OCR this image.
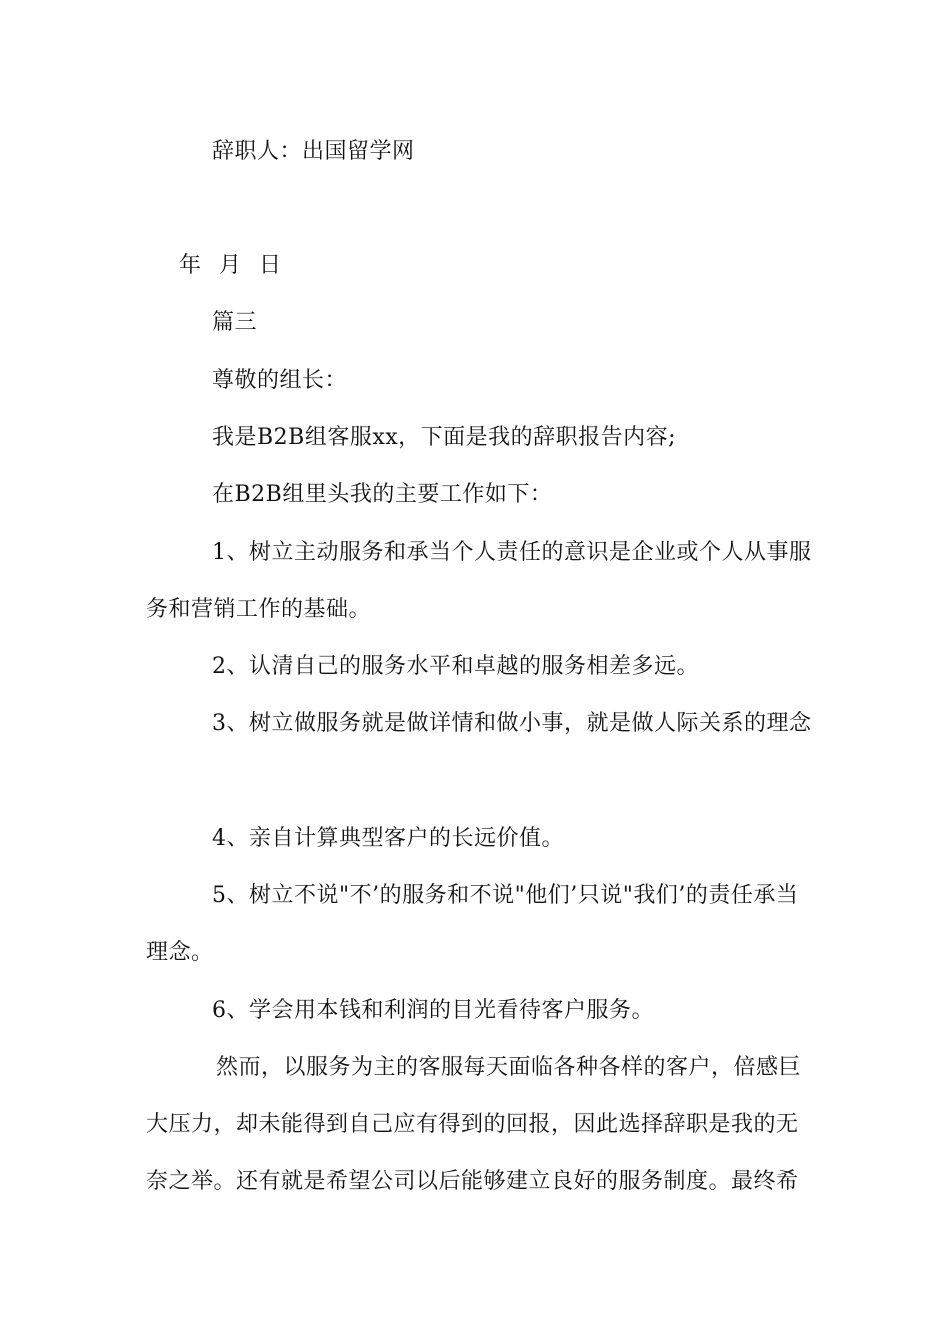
辞职人：出国留学网
年 月 日
篇三
尊敬的组长：
我是B2B组客服xx，下面是我的辞职报告内容;
在B2B组里头我的主要工作如下：
1、树立主动服务和承当个人责任的意识是企业或个人从事服
务和营销工作的基础。
2、认清自己的服务水平和卓越的服务相差多远。
3、树立做服务就是做详情和做小事，就是做人际关系的理念
4、亲自计算典型客户的长远价值。
5、树立不说"不’的服务和不说"他们’只说"我们’的责任承当
理念。
6、学会用本钱和利润的目光看待客户服务。
然而，以服务为主的客服每天面临各种各样的客户，倍感巨
大压力，却未能得到自己应有得到的回报，因此选择辞职是我的无
奈之举。还有就是希望公司以后能够建立良好的服务制度。最终希
